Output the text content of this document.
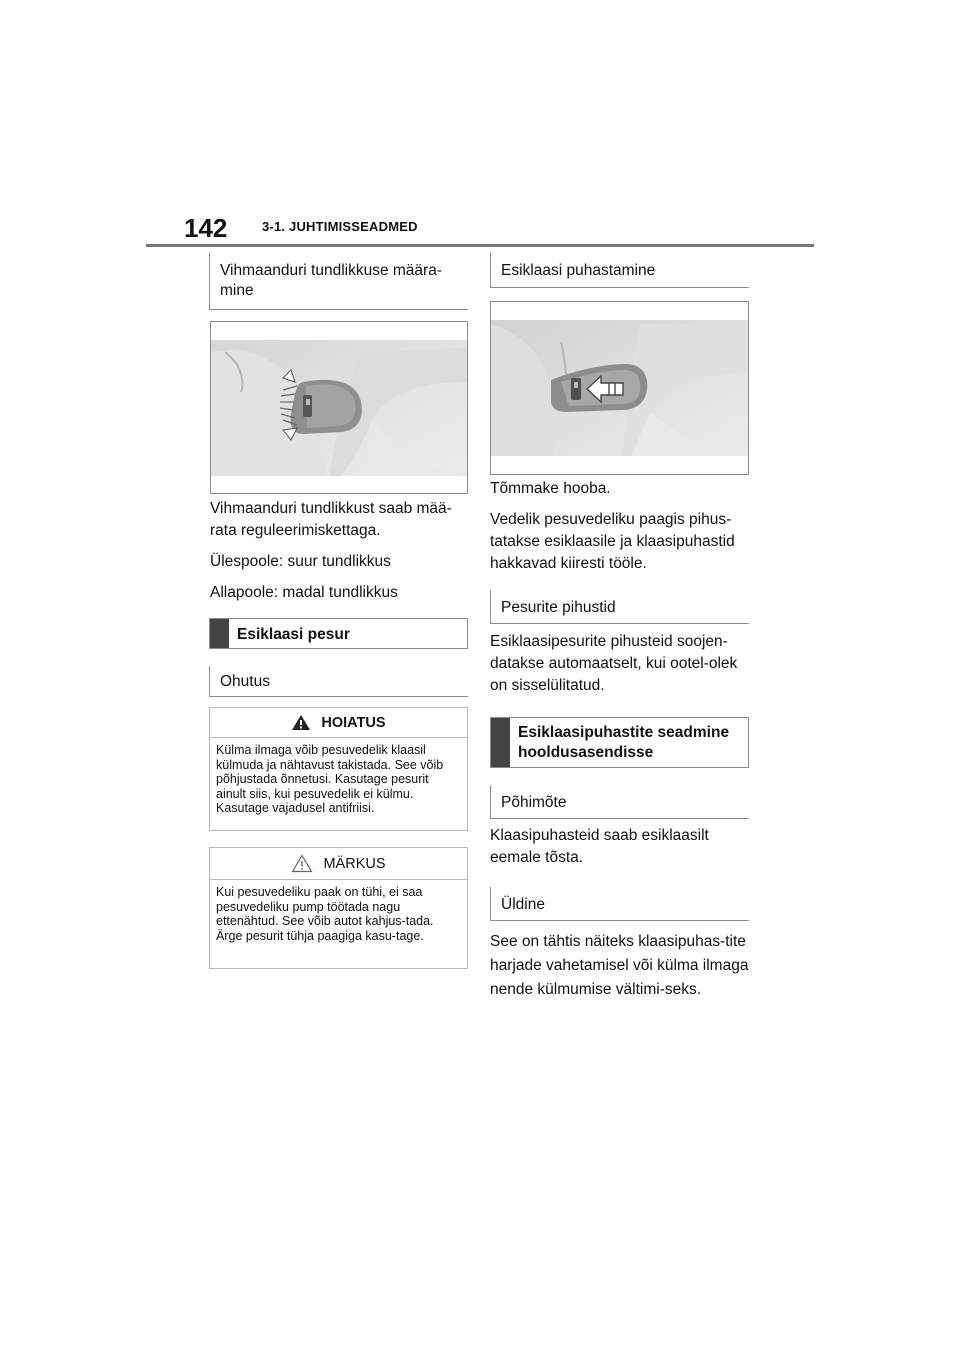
142	3-1. JUHTIMISSEADMED
Vihmaanduri tundlikkuse määra-mine

Vihmaanduri tundlikkust saab mää-rata reguleerimiskettaga.

Ülespoole: suur tundlikkus

Allapoole: madal tundlikkus

Esiklaasi pesur
Ohutus
HOIATUS
Külma ilmaga võib pesuvedelik klaasil külmuda ja nähtavust takistada. See võib põhjustada õnnetusi. Kasutage pesurit ainult siis, kui pesuvedelik ei külmu. Kasutage vajadusel antifriisi.
MÄRKUS
Kui pesuvedeliku paak on tühi, ei saa pesuvedeliku pump töötada nagu ettenähtud. See võib autot kahjus-tada. Ärge pesurit tühja paagiga kasu-tage.
Esiklaasi puhastamine

Tõmmake hooba.

Vedelik pesuvedeliku paagis pihus-tatakse esiklaasile ja klaasipuhastid hakkavad kiiresti tööle.

Pesurite pihustid

Esiklaasipesurite pihusteid soojen-datakse automaatselt, kui ootel-olek on sisselülitatud.

Esiklaasipuhastite seadmine hooldusasendisse
Põhimõte

Klaasipuhasteid saab esiklaasilt eemale tõsta.

Üldine

See on tähtis näiteks klaasipuhas-tite harjade vahetamisel või külma ilmaga nende külmumise vältimi-seks.
